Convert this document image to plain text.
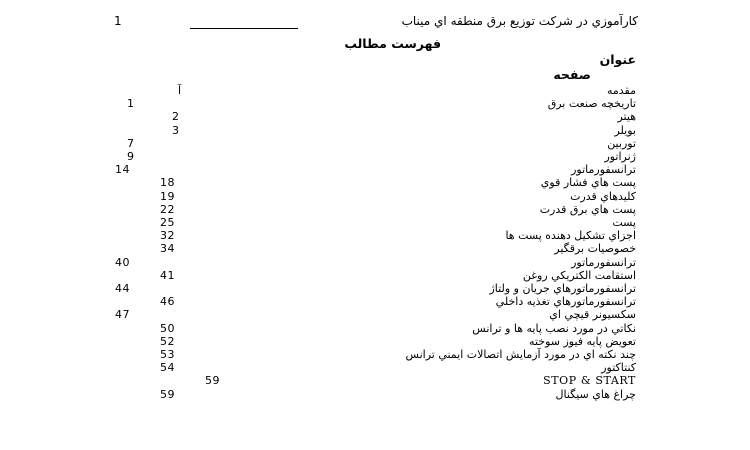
كارآموزي در شركت توزيع برق منطقه اي ميناب
1
فهرست مطالب
عنوان
صفحه
مقدمه
آ
تاريخچه صنعت برق
1
هيتر
2
بويلر
3
توربين
7
ژنراتور
9
ترانسفورماتور
14
پست هاي فشار قوي
18
كليدهاي قدرت
19
پست هاي برق قدرت
22
پست
25
اجزاي تشكيل دهنده پست ها
32
خصوصيات برقگير
34
ترانسفورماتور
40
استقامت الكتريكي روغن
41
ترانسفورماتورهاي جريان و ولتاژ
44
ترانسفورماتورهاي تغذيه داخلي
46
سكسيونر قيچي اي
47
نكاتي در مورد نصب پايه ها و ترانس
50
تعويض پايه فيوز سوخته
52
چند نكته اي در مورد آزمايش اتصالات ايمني ترانس
53
كنتاكتور
54
STOP & START
59
چراغ هاي سيگنال
59
